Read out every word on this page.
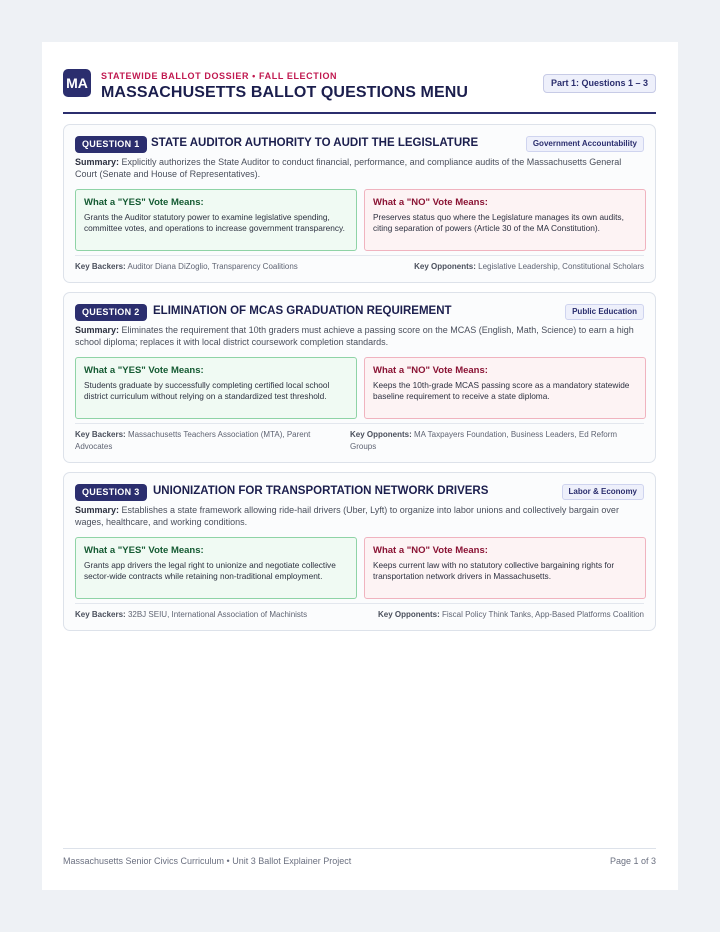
MA	STATEWIDE BALLOT DOSSIER • FALL ELECTION
MASSACHUSETTS BALLOT QUESTIONS MENU
Part 1: Questions 1 – 3
QUESTION 1 STATE AUDITOR AUTHORITY TO AUDIT THE LEGISLATURE	Government Accountability
Summary: Explicitly authorizes the State Auditor to conduct financial, performance, and compliance audits of the Massachusetts General Court (Senate and House of Representatives).
What a "YES" Vote Means:
Grants the Auditor statutory power to examine legislative spending, committee votes, and operations to increase government transparency.
What a "NO" Vote Means:
Preserves status quo where the Legislature manages its own audits, citing separation of powers (Article 30 of the MA Constitution).
Key Backers: Auditor Diana DiZoglio, Transparency Coalitions	Key Opponents: Legislative Leadership, Constitutional Scholars
QUESTION 2	ELIMINATION OF MCAS GRADUATION REQUIREMENT	Public Education
Summary: Eliminates the requirement that 10th graders must achieve a passing score on the MCAS (English, Math, Science) to earn a high school diploma; replaces it with local district coursework completion standards.
What a "YES" Vote Means:
Students graduate by successfully completing certified local school district curriculum without relying on a standardized test threshold.
What a "NO" Vote Means:
Keeps the 10th-grade MCAS passing score as a mandatory statewide baseline requirement to receive a state diploma.
Key Backers: Massachusetts Teachers Association (MTA), Parent Advocates
Key Opponents: MA Taxpayers Foundation, Business Leaders, Ed Reform Groups
QUESTION 3	UNIONIZATION FOR TRANSPORTATION NETWORK DRIVERS	Labor & Economy
Summary: Establishes a state framework allowing ride-hail drivers (Uber, Lyft) to organize into labor unions and collectively bargain over wages, healthcare, and working conditions.
What a "YES" Vote Means:
Grants app drivers the legal right to unionize and negotiate collective sector-wide contracts while retaining non-traditional employment.
What a "NO" Vote Means:
Keeps current law with no statutory collective bargaining rights for transportation network drivers in Massachusetts.
Key Backers: 32BJ SEIU, International Association of Machinists	Key Opponents: Fiscal Policy Think Tanks, App-Based Platforms Coalition
Massachusetts Senior Civics Curriculum • Unit 3 Ballot Explainer Project	Page 1 of 3
